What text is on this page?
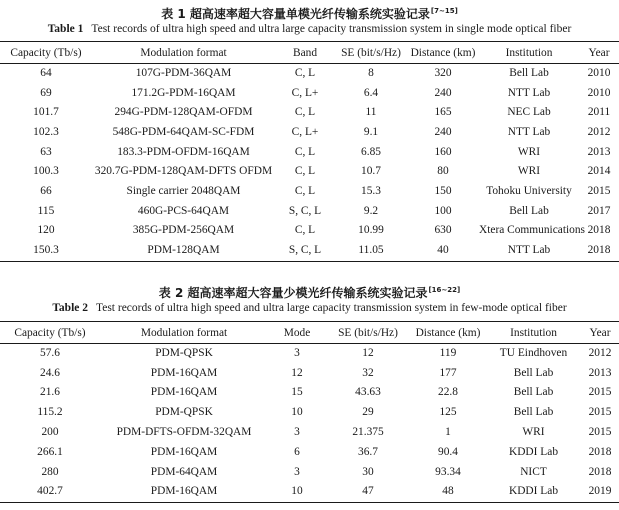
表 1 超高速率超大容量单模光纤传输系统实验记录[7~15]
Table 1 Test records of ultra high speed and ultra large capacity transmission system in single mode optical fiber
Capacity (Tb/s)	Modulation format	Band	SE (bit/s/Hz)	Distance (km)	Institution	Year
64	107G-PDM-36QAM	C, L	8	320	Bell Lab	2010
69	171.2G-PDM-16QAM	C, L+	6.4	240	NTT Lab	2010
101.7	294G-PDM-128QAM-OFDM	C, L	11	165	NEC Lab	2011
102.3	548G-PDM-64QAM-SC-FDM	C, L+	9.1	240	NTT Lab	2012
63	183.3-PDM-OFDM-16QAM	C, L	6.85	160	WRI	2013
100.3	320.7G-PDM-128QAM-DFTS OFDM	C, L	10.7	80	WRI	2014
66	Single carrier 2048QAM	C, L	15.3	150	Tohoku University	2015
115	460G-PCS-64QAM	S, C, L	9.2	100	Bell Lab	2017
120	385G-PDM-256QAM	C, L	10.99	630	Xtera Communications	2018
150.3	PDM-128QAM	S, C, L	11.05	40	NTT Lab	2018
表 2 超高速率超大容量少模光纤传输系统实验记录[16~22]
Table 2 Test records of ultra high speed and ultra large capacity transmission system in few-mode optical fiber
Capacity (Tb/s)	Modulation format	Mode	SE (bit/s/Hz)	Distance (km)	Institution	Year
57.6	PDM-QPSK	3	12	119	TU Eindhoven	2012
24.6	PDM-16QAM	12	32	177	Bell Lab	2013
21.6	PDM-16QAM	15	43.63	22.8	Bell Lab	2015
115.2	PDM-QPSK	10	29	125	Bell Lab	2015
200	PDM-DFTS-OFDM-32QAM	3	21.375	1	WRI	2015
266.1	PDM-16QAM	6	36.7	90.4	KDDI Lab	2018
280	PDM-64QAM	3	30	93.34	NICT	2018
402.7	PDM-16QAM	10	47	48	KDDI Lab	2019
